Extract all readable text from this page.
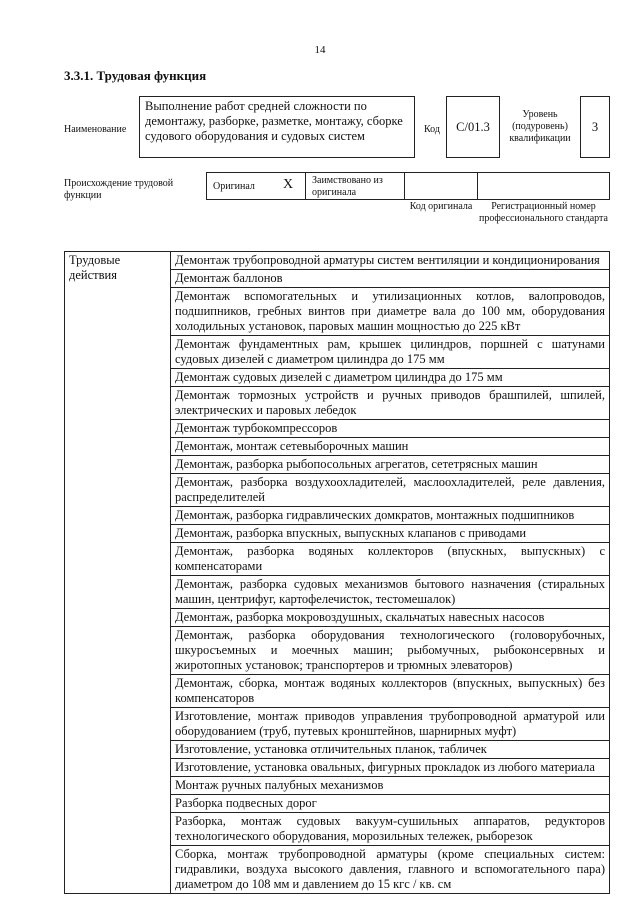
14
3.3.1. Трудовая функция
Наименование
Выполнение работ средней сложности по демонтажу, разборке, разметке, монтажу, сборке судового оборудования и судовых систем	Код	С/01.3
Уровень (подуровень) квалификации
3
Происхождение трудовой функции
Оригинал X Заимствовано из оригинала
Код оригинала	Регистрационный номер профессионального стандарта
Трудовые действия	Демонтаж трубопроводной арматуры систем вентиляции и кондиционирования
Демонтаж баллонов
Демонтаж вспомогательных и утилизационных котлов, валопроводов, подшипников, гребных винтов при диаметре вала до 100 мм, оборудования холодильных установок, паровых машин мощностью до 225 кВт
Демонтаж фундаментных рам, крышек цилиндров, поршней с шатунами судовых дизелей с диаметром цилиндра до 175 мм
Демонтаж судовых дизелей с диаметром цилиндра до 175 мм
Демонтаж тормозных устройств и ручных приводов брашпилей, шпилей, электрических и паровых лебедок
Демонтаж турбокомпрессоров
Демонтаж, монтаж сетевыборочных машин
Демонтаж, разборка рыбопосольных агрегатов, сететрясных машин
Демонтаж, разборка воздухоохладителей, маслоохладителей, реле давления, распределителей
Демонтаж, разборка гидравлических домкратов, монтажных подшипников
Демонтаж, разборка впускных, выпускных клапанов с приводами
Демонтаж, разборка водяных коллекторов (впускных, выпускных) с компенсаторами
Демонтаж, разборка судовых механизмов бытового назначения (стиральных машин, центрифуг, картофелечисток, тестомешалок)
Демонтаж, разборка мокровоздушных, скальчатых навесных насосов
Демонтаж, разборка оборудования технологического (головорубочных, шкуросъемных и моечных машин; рыбомучных, рыбоконсервных и жиротопных установок; транспортеров и трюмных элеваторов)
Демонтаж, сборка, монтаж водяных коллекторов (впускных, выпускных) без компенсаторов
Изготовление, монтаж приводов управления трубопроводной арматурой или оборудованием (труб, путевых кронштейнов, шарнирных муфт)
Изготовление, установка отличительных планок, табличек
Изготовление, установка овальных, фигурных прокладок из любого материала
Монтаж ручных палубных механизмов
Разборка подвесных дорог
Разборка, монтаж судовых вакуум-сушильных аппаратов, редукторов технологического оборудования, морозильных тележек, рыборезок
Сборка, монтаж трубопроводной арматуры (кроме специальных систем: гидравлики, воздуха высокого давления, главного и вспомогательного пара) диаметром до 108 мм и давлением до 15 кгс / кв. см
